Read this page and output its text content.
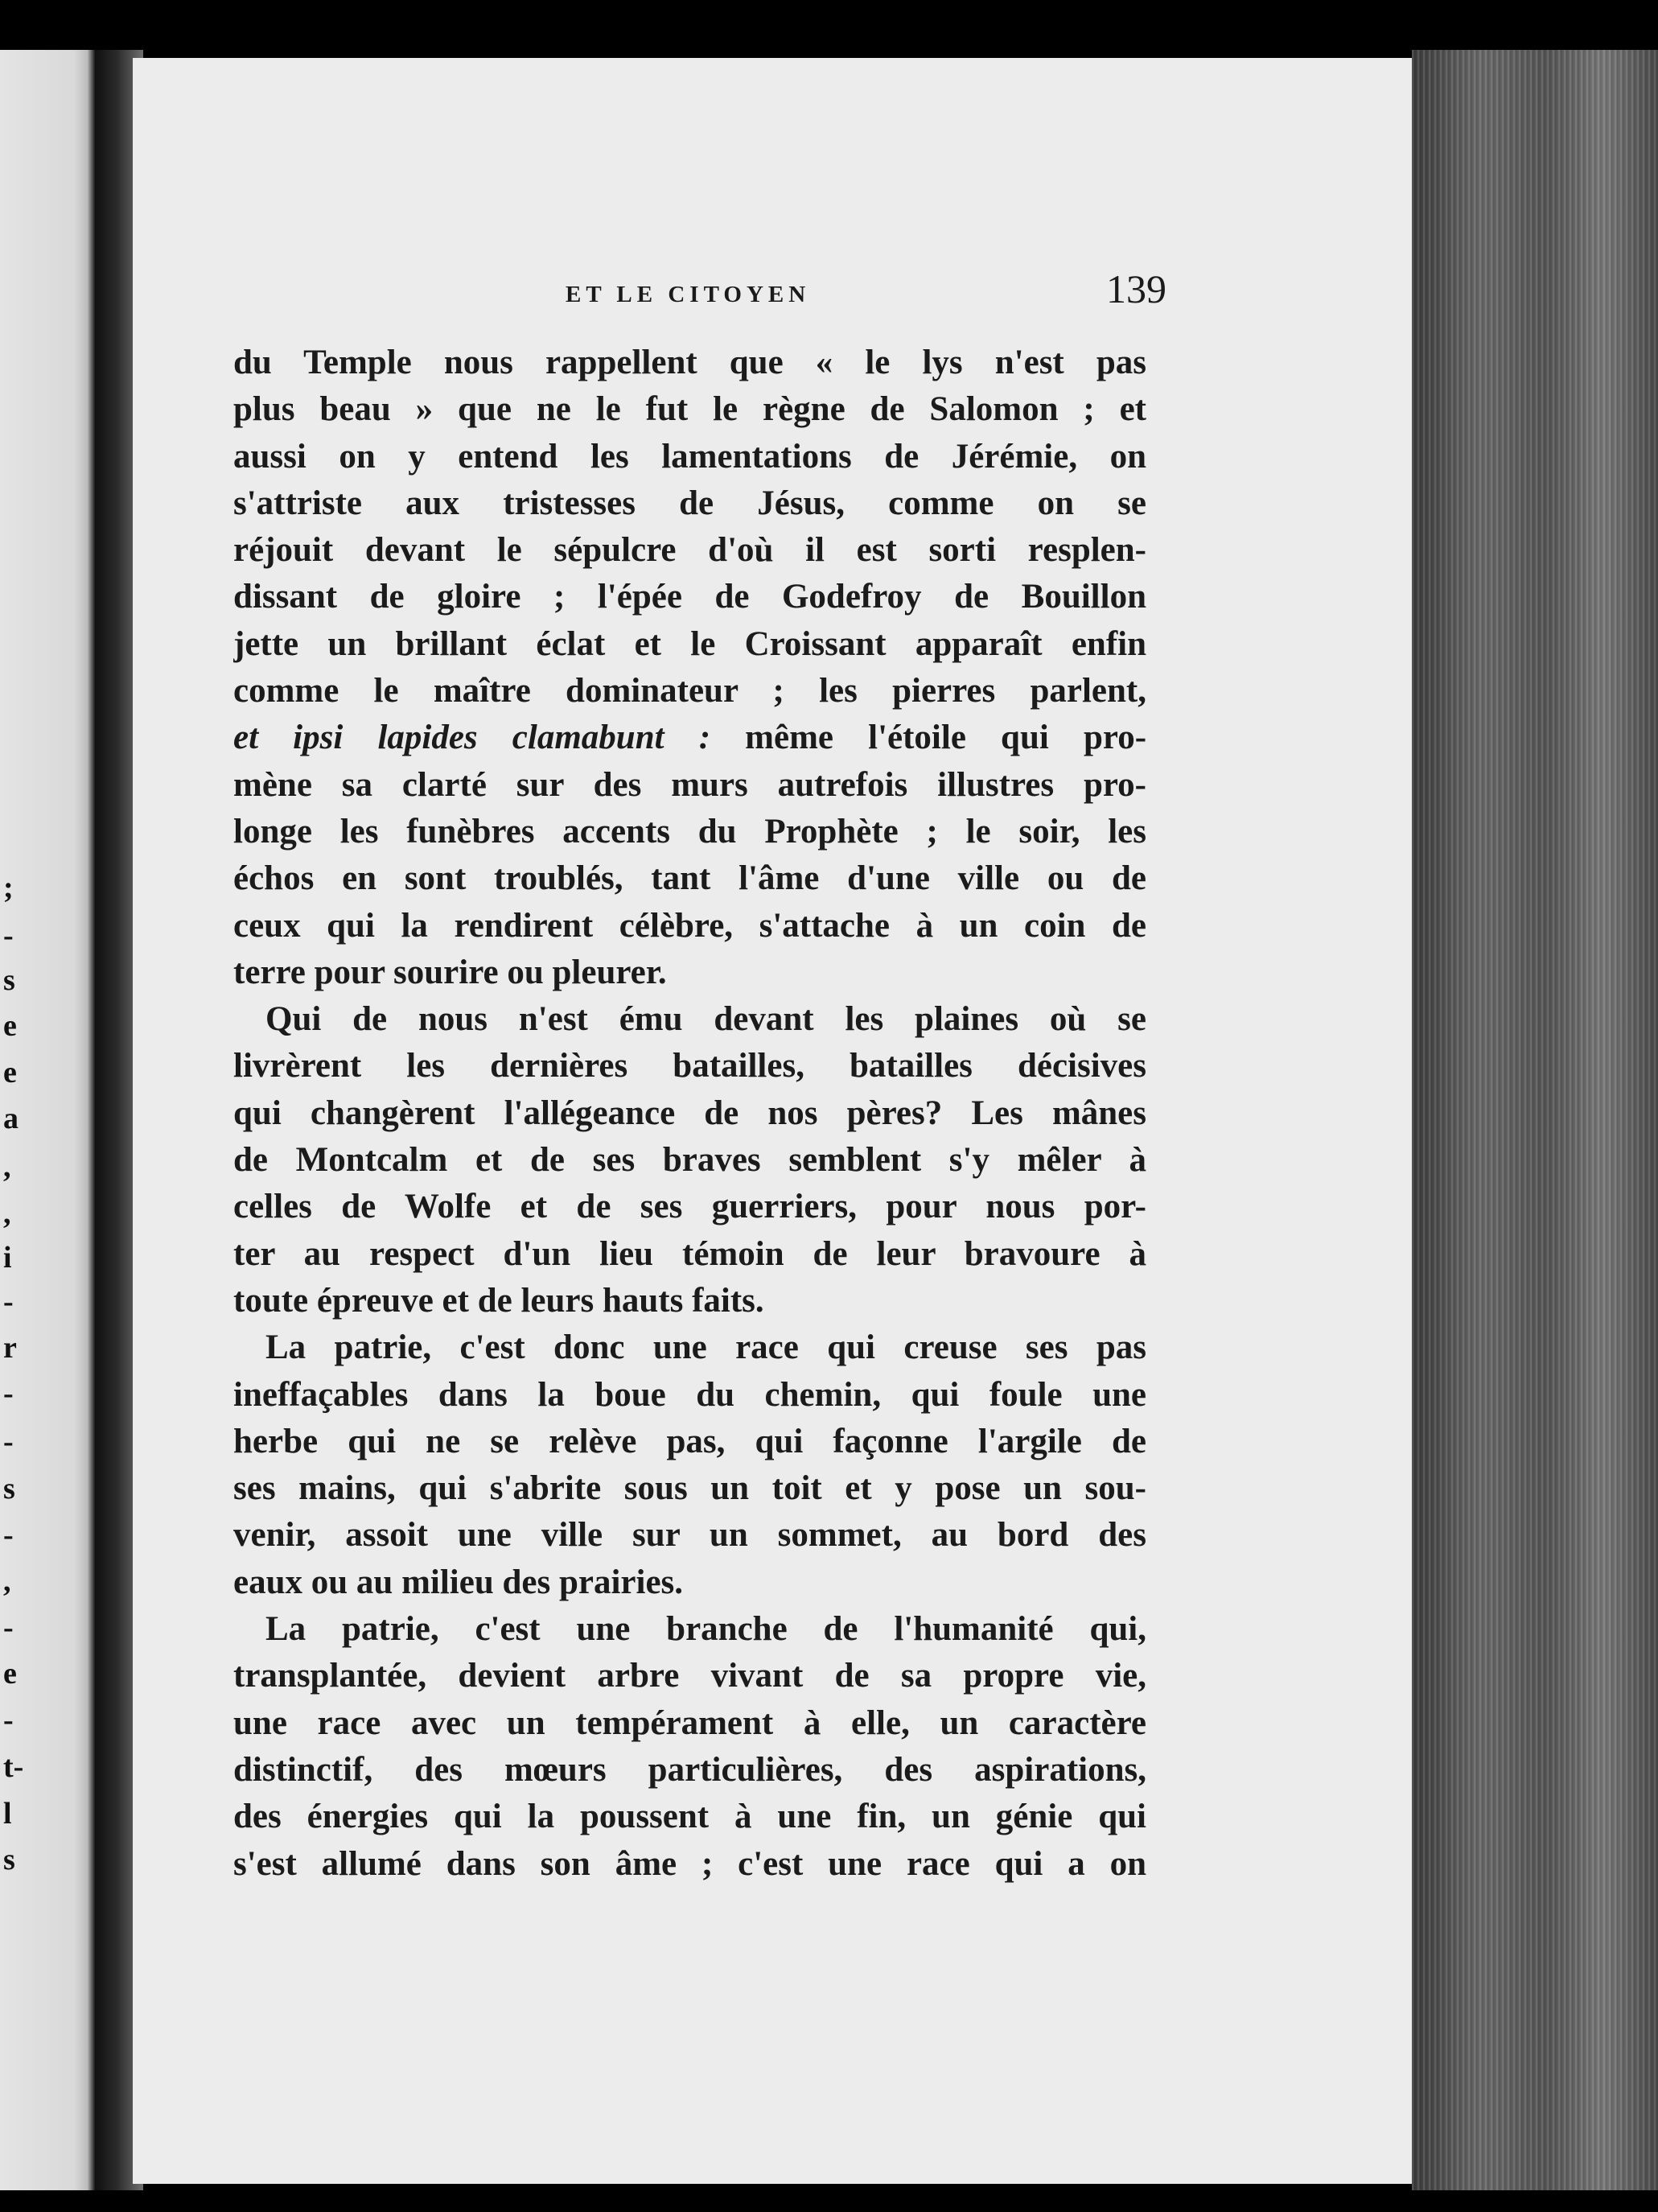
;
-
s
e
e
a
,
,
i
-
r
-
-
s
-
,
-
e
-
t-
l
s
ET LE CITOYEN	139
du Temple nous rappellent que « le lys n'est pas
plus beau » que ne le fut le règne de Salomon ; et
aussi on y entend les lamentations de Jérémie, on
s'attriste aux tristesses de Jésus, comme on se
réjouit devant le sépulcre d'où il est sorti resplen-
dissant de gloire ; l'épée de Godefroy de Bouillon
jette un brillant éclat et le Croissant apparaît enfin
comme le maître dominateur ; les pierres parlent,
et ipsi lapides clamabunt : même l'étoile qui pro-
mène sa clarté sur des murs autrefois illustres pro-
longe les funèbres accents du Prophète ; le soir, les
échos en sont troublés, tant l'âme d'une ville ou de
ceux qui la rendirent célèbre, s'attache à un coin de
terre pour sourire ou pleurer.
Qui de nous n'est ému devant les plaines où se
livrèrent les dernières batailles, batailles décisives
qui changèrent l'allégeance de nos pères? Les mânes
de Montcalm et de ses braves semblent s'y mêler à
celles de Wolfe et de ses guerriers, pour nous por-
ter au respect d'un lieu témoin de leur bravoure à
toute épreuve et de leurs hauts faits.
La patrie, c'est donc une race qui creuse ses pas
ineffaçables dans la boue du chemin, qui foule une
herbe qui ne se relève pas, qui façonne l'argile de
ses mains, qui s'abrite sous un toit et y pose un sou-
venir, assoit une ville sur un sommet, au bord des
eaux ou au milieu des prairies.
La patrie, c'est une branche de l'humanité qui,
transplantée, devient arbre vivant de sa propre vie,
une race avec un tempérament à elle, un caractère
distinctif, des mœurs particulières, des aspirations,
des énergies qui la poussent à une fin, un génie qui
s'est allumé dans son âme ; c'est une race qui a on
